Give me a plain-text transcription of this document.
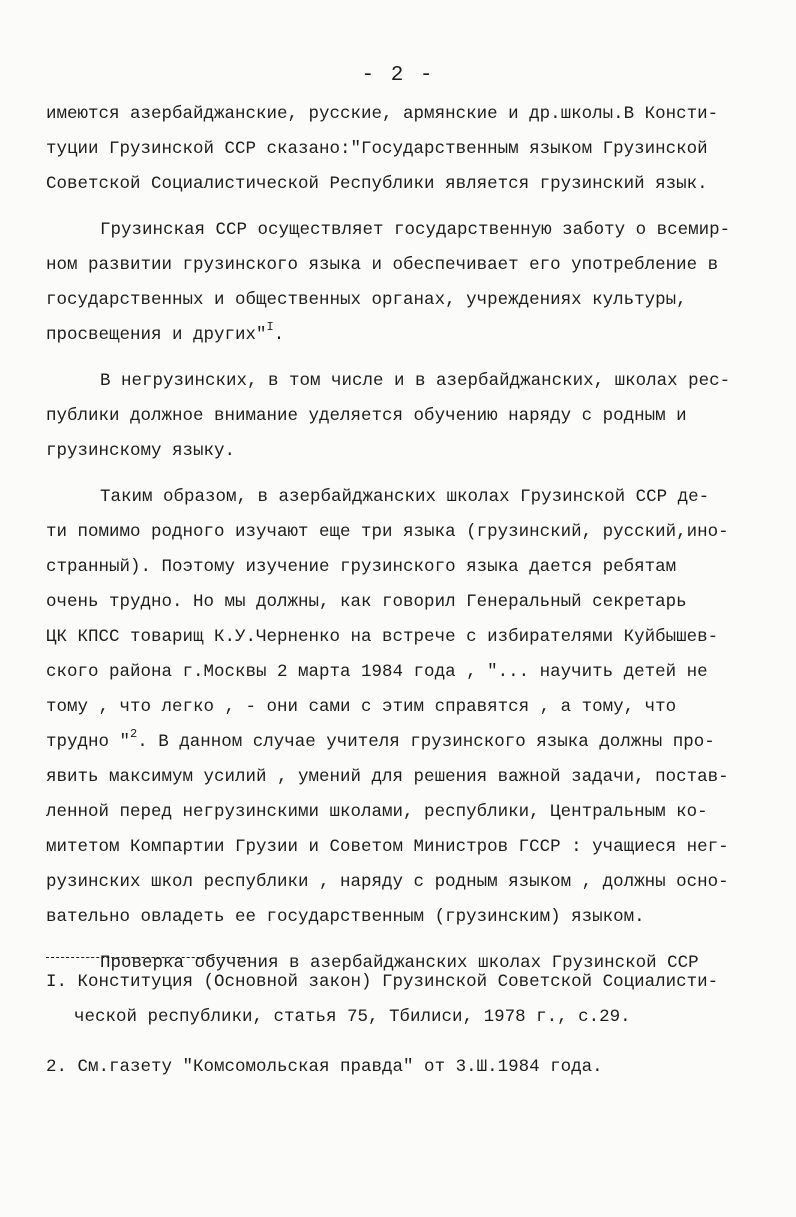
- 2 -
имеются азербайджанские, русские, армянские и др.школы.В Консти-
туции Грузинской ССР сказано:"Государственным языком Грузинской
Советской Социалистической Республики является грузинский язык.
Грузинская ССР осуществляет государственную заботу о всемир-
ном развитии грузинского языка и обеспечивает его употребление в
государственных и общественных органах, учреждениях культуры,
просвещения и других"$^I$.
В негрузинских, в том числе и в азербайджанских, школах рес-
публики должное внимание уделяется обучению наряду с родным и
грузинскому языку.
Таким образом, в азербайджанских школах Грузинской ССР де-
ти помимо родного изучают еще три языка (грузинский, русский,ино-
странный). Поэтому изучение грузинского языка дается ребятам
очень трудно. Но мы должны, как говорил Генеральный секретарь
ЦК КПСС товарищ К.У.Черненко на встрече с избирателями Куйбышев-
ского района г.Москвы 2 марта 1984 года , "... научить детей не
тому , что легко , - они сами с этим справятся , а тому, что
трудно "$^2$. В данном случае учителя грузинского языка должны про-
явить максимум усилий , умений для решения важной задачи, постав-
ленной перед негрузинскими школами, республики, Центральным ко-
митетом Компартии Грузии и Советом Министров ГССР : учащиеся нег-
рузинских школ республики , наряду с родным языком , должны осно-
вательно овладеть ее государственным (грузинским) языком.
Проверка обучения в азербайджанских школах Грузинской ССР
I. Конституция (Основной закон) Грузинской Советской Социалисти-
ческой республики, статья 75, Тбилиси, 1978 г., с.29.
2. См.газету "Комсомольская правда" от 3.Ш.1984 года.
